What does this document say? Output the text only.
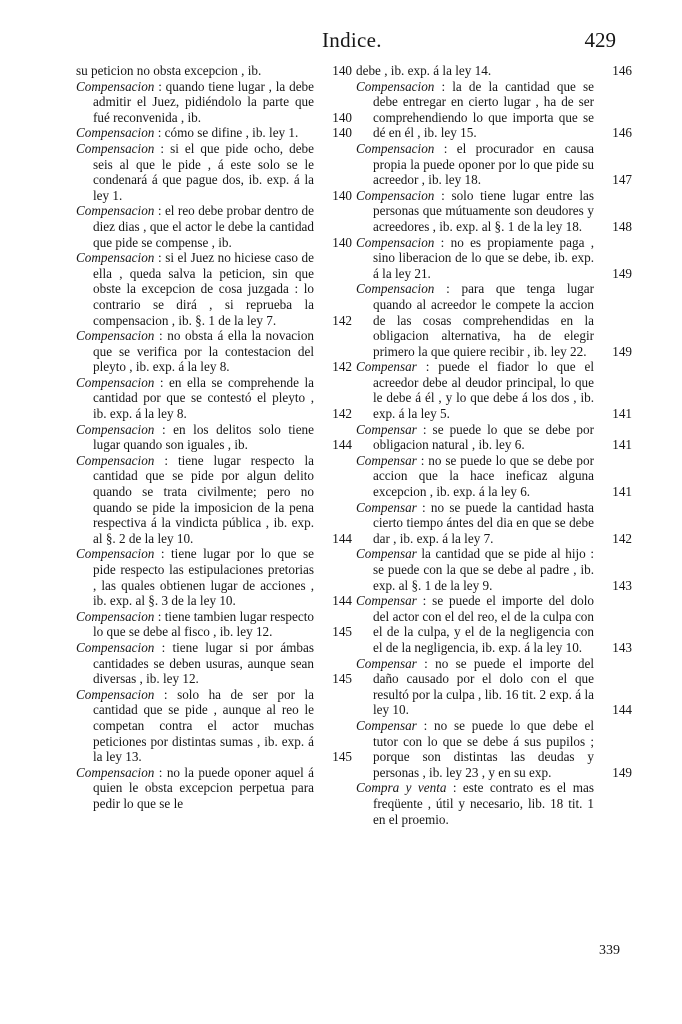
Indice.	429
su peticion no obsta excepcion , ib.	140
Compensacion : quando tiene lugar , la debe admitir el Juez, pidiéndolo la parte que fué reconvenida , ib.	140
Compensacion : cómo se difine , ib. ley 1.	140
Compensacion : si el que pide ocho, debe seis al que le pide , á este solo se le condenará á que pague dos, ib. exp. á la ley 1.	140
Compensacion : el reo debe probar dentro de diez dias , que el actor le debe la cantidad que pide se compense , ib.	140
Compensacion : si el Juez no hiciese caso de ella , queda salva la peticion, sin que obste la excepcion de cosa juzgada : lo contrario se dirá , si reprueba la compensacion , ib. §. 1 de la ley 7.	142
Compensacion : no obsta á ella la novacion que se verifica por la contestacion del pleyto , ib. exp. á la ley 8.	142
Compensacion : en ella se comprehende la cantidad por que se contestó el pleyto , ib. exp. á la ley 8.	142
Compensacion : en los delitos solo tiene lugar quando son iguales , ib.	144
Compensacion : tiene lugar respecto la cantidad que se pide por algun delito quando se trata civilmente; pero no quando se pide la imposicion de la pena respectiva á la vindicta pública , ib. exp. al §. 2 de la ley 10.	144
Compensacion : tiene lugar por lo que se pide respecto las estipulaciones pretorias , las quales obtienen lugar de acciones , ib. exp. al §. 3 de la ley 10.	144
Compensacion : tiene tambien lugar respecto lo que se debe al fisco , ib. ley 12.	145
Compensacion : tiene lugar si por ámbas cantidades se deben usuras, aunque sean diversas , ib. ley 12.	145
Compensacion : solo ha de ser por la cantidad que se pide , aunque al reo le competan contra el actor muchas peticiones por distintas sumas , ib. exp. á la ley 13.	145
Compensacion : no la puede oponer aquel á quien le obsta excepcion perpetua para pedir lo que se le
debe , ib. exp. á la ley 14.	146
Compensacion : la de la cantidad que se debe entregar en cierto lugar , ha de ser comprehendiendo lo que importa que se dé en él , ib. ley 15.	146
Compensacion : el procurador en causa propia la puede oponer por lo que pide su acreedor , ib. ley 18.	147
Compensacion : solo tiene lugar entre las personas que mútuamente son deudores y acreedores , ib. exp. al §. 1 de la ley 18.	148
Compensacion : no es propiamente paga , sino liberacion de lo que se debe, ib. exp. á la ley 21.	149
Compensacion : para que tenga lugar quando al acreedor le compete la accion de las cosas comprehendidas en la obligacion alternativa, ha de elegir primero la que quiere recibir , ib. ley 22.	149
Compensar : puede el fiador lo que el acreedor debe al deudor principal, lo que le debe á él , y lo que debe á los dos , ib. exp. á la ley 5.	141
Compensar : se puede lo que se debe por obligacion natural , ib. ley 6.	141
Compensar : no se puede lo que se debe por accion que la hace ineficaz alguna excepcion , ib. exp. á la ley 6.	141
Compensar : no se puede la cantidad hasta cierto tiempo ántes del dia en que se debe dar , ib. exp. á la ley 7.	142
Compensar la cantidad que se pide al hijo : se puede con la que se debe al padre , ib. exp. al §. 1 de la ley 9.	143
Compensar : se puede el importe del dolo del actor con el del reo, el de la culpa con el de la culpa, y el de la negligencia con el de la negligencia, ib. exp. á la ley 10.	143
Compensar : no se puede el importe del daño causado por el dolo con el que resultó por la culpa , lib. 16 tit. 2 exp. á la ley 10.	144
Compensar : no se puede lo que debe el tutor con lo que se debe á sus pupilos ; porque son distintas las deudas y personas , ib. ley 23 , y en su exp.	149
Compra y venta : este contrato es el mas freqüente , útil y necesario, lib. 18 tit. 1 en el proemio.
339
